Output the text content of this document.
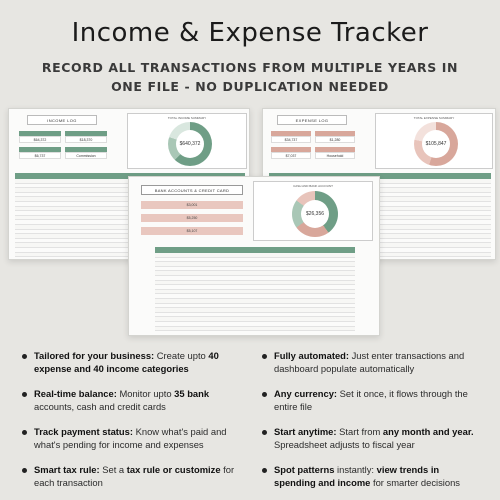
Income & Expense Tracker
RECORD ALL TRANSACTIONS FROM MULTIPLE YEARS IN
ONE FILE - NO DUPLICATION NEEDED
INCOME LOG
$64,372	$18,370
$6,737	Commission
TOTAL INCOME SUMMARY
$640,372
EXPENSE LOG
$34,737	$1,280
$7,037	Household
TOTAL EXPENSE SUMMARY
$105,847
BANK ACCOUNTS & CREDIT CARD
$3,001
$5,250
$5,107
CASH AND BANK ACCOUNT
$26,356
Tailored for your business: Create upto 40 expense and 40 income categories
Real-time balance: Monitor upto 35 bank accounts, cash and credit cards
Track payment status: Know what's paid and what's pending for income and expenses
Smart tax rule: Set a tax rule or customize for each transaction
Fully automated: Just enter transactions and dashboard populate automatically
Any currency: Set it once, it flows through the entire file
Start anytime: Start from any month and year. Spreadsheet adjusts to fiscal year
Spot patterns instantly: view trends in spending and income for smarter decisions
